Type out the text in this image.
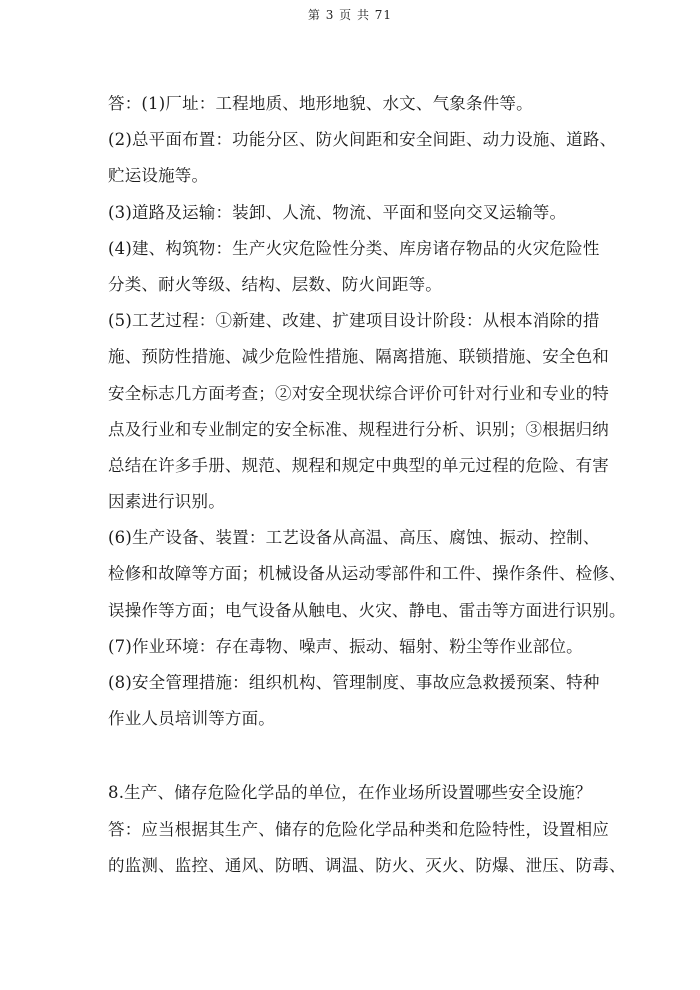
第 3 页 共 71
答：(1)厂址：工程地质、地形地貌、水文、气象条件等。
(2)总平面布置：功能分区、防火间距和安全间距、动力设施、道路、
贮运设施等。
(3)道路及运输：装卸、人流、物流、平面和竖向交叉运输等。
(4)建、构筑物：生产火灾危险性分类、库房诸存物品的火灾危险性
分类、耐火等级、结构、层数、防火间距等。
(5)工艺过程：①新建、改建、扩建项目设计阶段：从根本消除的措
施、预防性措施、减少危险性措施、隔离措施、联锁措施、安全色和
安全标志几方面考查；②对安全现状综合评价可针对行业和专业的特
点及行业和专业制定的安全标准、规程进行分析、识别；③根据归纳
总结在许多手册、规范、规程和规定中典型的单元过程的危险、有害
因素进行识别。
(6)生产设备、装置：工艺设备从高温、高压、腐蚀、振动、控制、
检修和故障等方面；机械设备从运动零部件和工件、操作条件、检修、
误操作等方面；电气设备从触电、火灾、静电、雷击等方面进行识别。
(7)作业环境：存在毒物、噪声、振动、辐射、粉尘等作业部位。
(8)安全管理措施：组织机构、管理制度、事故应急救援预案、特种
作业人员培训等方面。
8.生产、储存危险化学品的单位，在作业场所设置哪些安全设施？
答：应当根据其生产、储存的危险化学品种类和危险特性，设置相应
的监测、监控、通风、防晒、调温、防火、灭火、防爆、泄压、防毒、
